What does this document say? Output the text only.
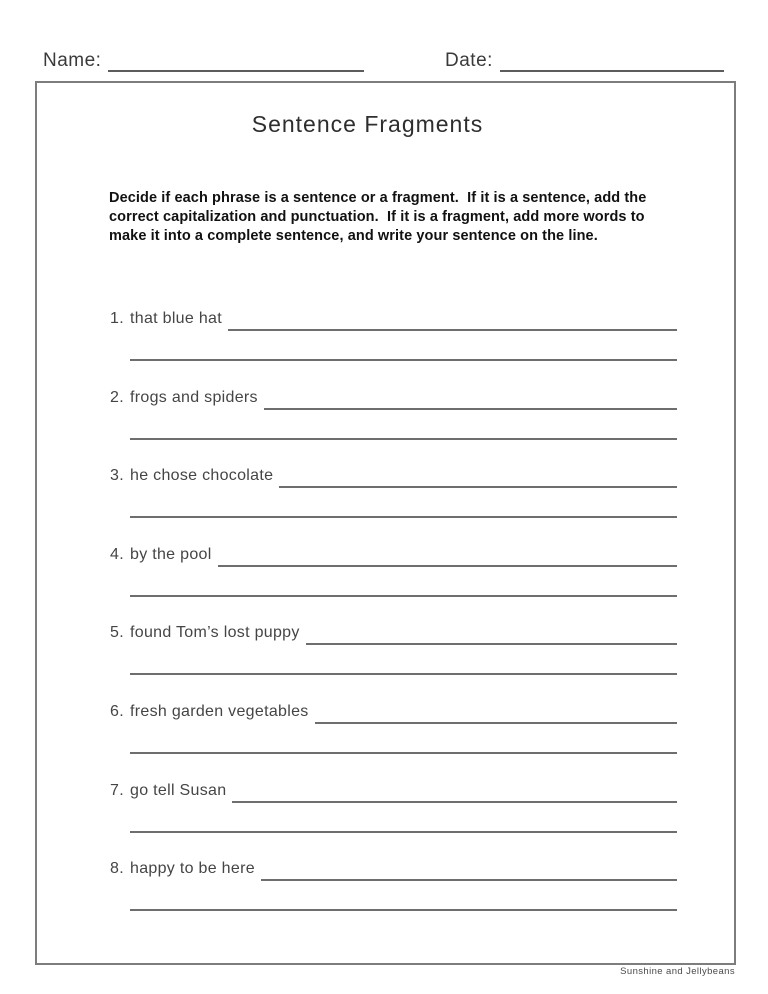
Name:	Date:
Sentence Fragments
Decide if each phrase is a sentence or a fragment.  If it is a sentence, add the correct capitalization and punctuation.  If it is a fragment, add more words to make it into a complete sentence, and write your sentence on the line.
1. that blue hat
2. frogs and spiders
3. he chose chocolate
4. by the pool
5. found Tom’s lost puppy
6. fresh garden vegetables
7. go tell Susan
8. happy to be here
Sunshine and Jellybeans
